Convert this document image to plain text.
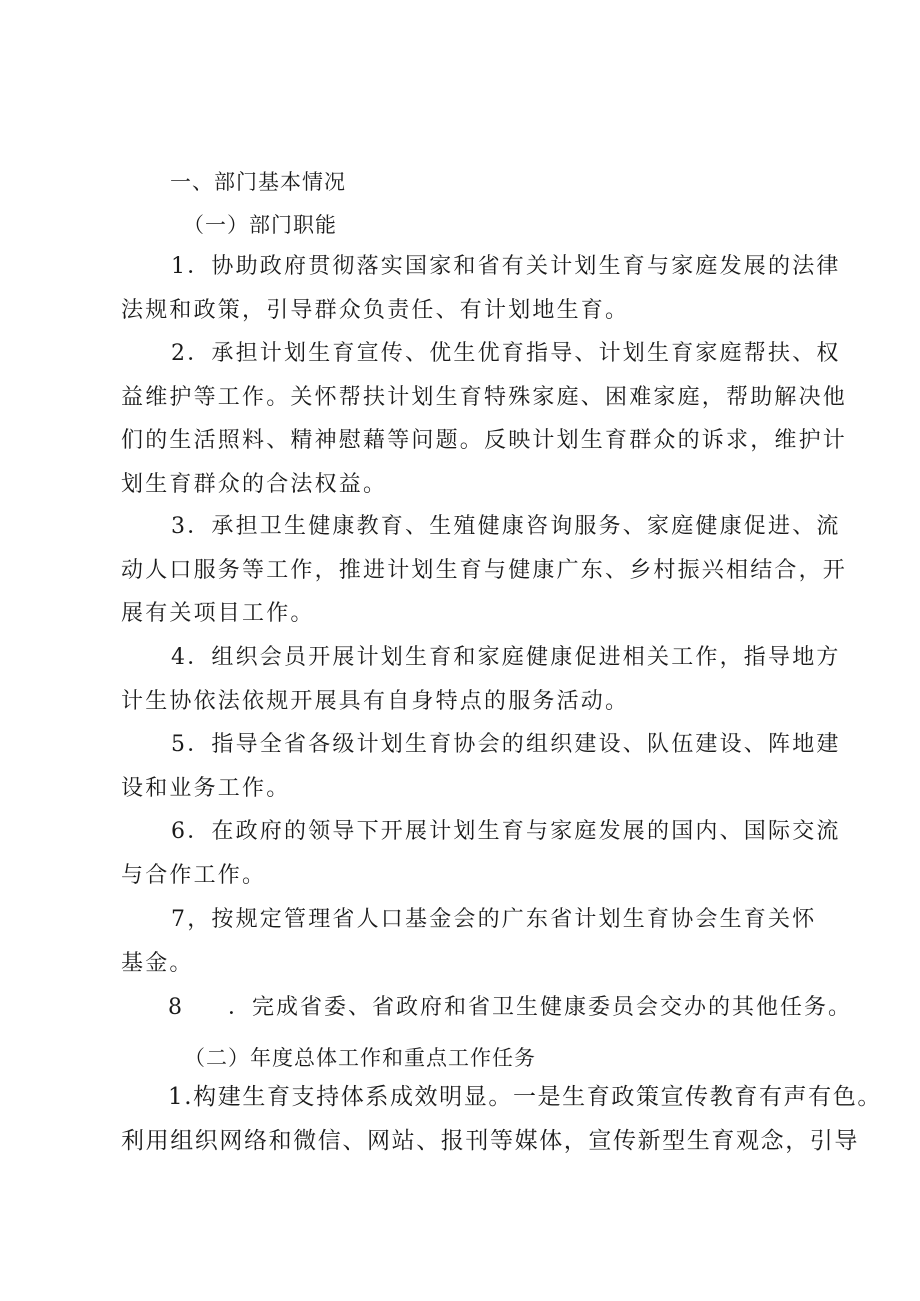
一、部门基本情况
（一）部门职能
1．协助政府贯彻落实国家和省有关计划生育与家庭发展的法律
法规和政策，引导群众负责任、有计划地生育。
2．承担计划生育宣传、优生优育指导、计划生育家庭帮扶、权
益维护等工作。关怀帮扶计划生育特殊家庭、困难家庭，帮助解决他
们的生活照料、精神慰藉等问题。反映计划生育群众的诉求，维护计
划生育群众的合法权益。
3．承担卫生健康教育、生殖健康咨询服务、家庭健康促进、流
动人口服务等工作，推进计划生育与健康广东、乡村振兴相结合，开
展有关项目工作。
4．组织会员开展计划生育和家庭健康促进相关工作，指导地方
计生协依法依规开展具有自身特点的服务活动。
5．指导全省各级计划生育协会的组织建设、队伍建设、阵地建
设和业务工作。
6．在政府的领导下开展计划生育与家庭发展的国内、国际交流
与合作工作。
7，按规定管理省人口基金会的广东省计划生育协会生育关怀
基金。
8 ．完成省委、省政府和省卫生健康委员会交办的其他任务。
（二）年度总体工作和重点工作任务
1.构建生育支持体系成效明显。一是生育政策宣传教育有声有色。
利用组织网络和微信、网站、报刊等媒体，宣传新型生育观念，引导
